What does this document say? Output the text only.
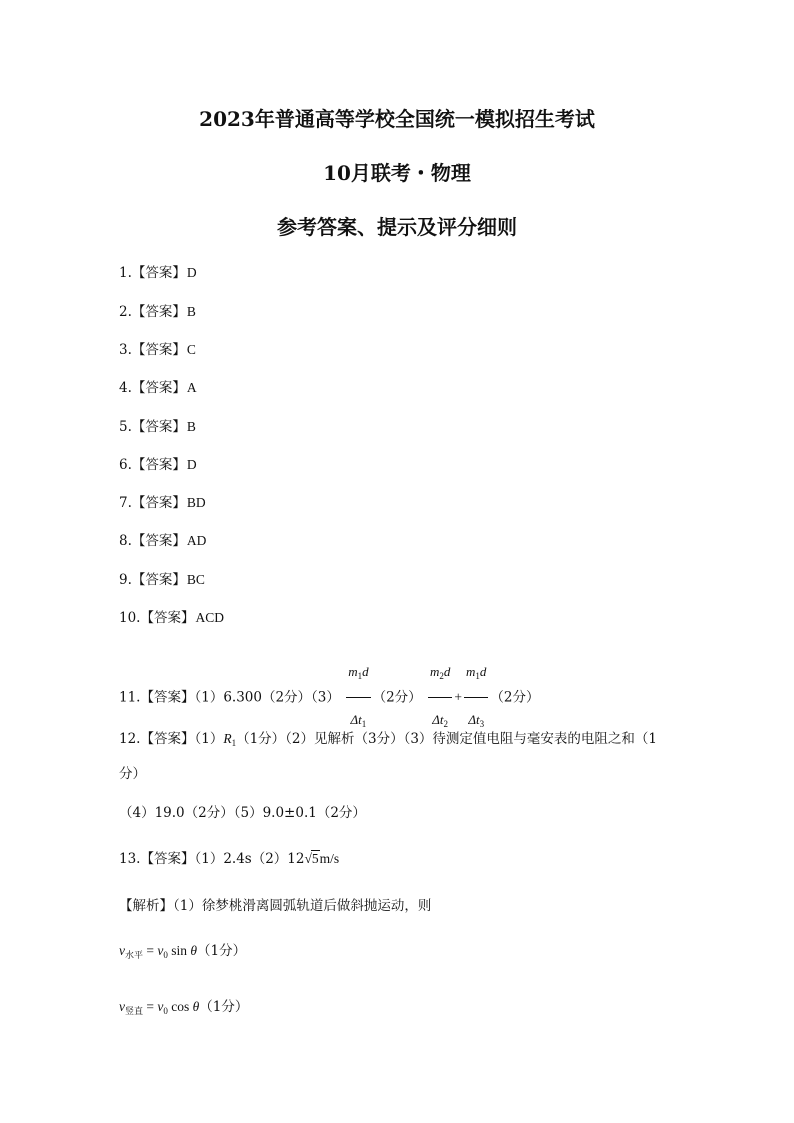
2023年普通高等学校全国统一模拟招生考试
10月联考・物理
参考答案、提示及评分细则
1.【答案】D
2.【答案】B
3.【答案】C
4.【答案】A
5.【答案】B
6.【答案】D
7.【答案】BD
8.【答案】AD
9.【答案】BC
10.【答案】ACD
11.【答案】（1）6.300（2分）$(3) \frac{m_1d}{\Delta t_1} (2$分） $\frac{m_2d}{\Delta t_2} + \frac{m_1d}{\Delta t_3} (2$分）
12.【答案】$(1)R_1(1$分）（2）见解析（3分）（3）待测定值电阻与毫安表的电阻之和（1
分）
（4）19.0（2分）（5）9.0±0.1（2分）
13.【答案】（1）2.4s（2）12√5m/s
【解析】（1）徐梦桃滑离圆弧轨道后做斜抛运动，则
$v_{水平} = v_0$ sin θ（1分）
$v_{竖直} = v_0$ cos θ（1分）
